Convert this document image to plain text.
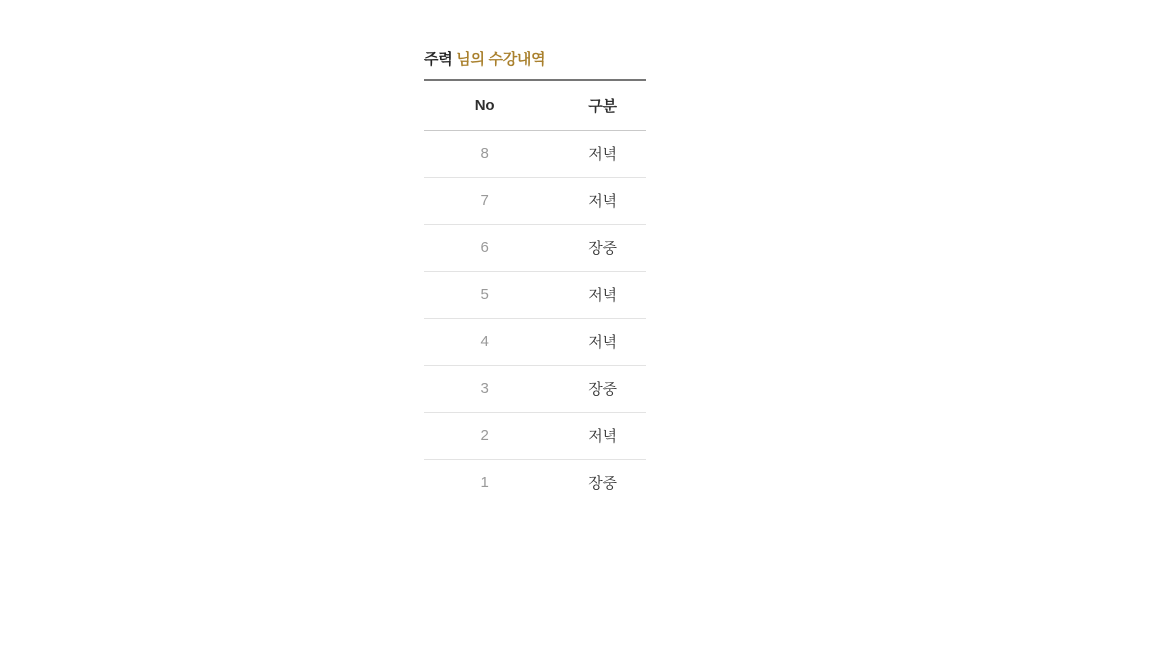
주력 님의 수강내역
No	구분
8	저녁
7	저녁
6	장중
5	저녁
4	저녁
3	장중
2	저녁
1	장중
